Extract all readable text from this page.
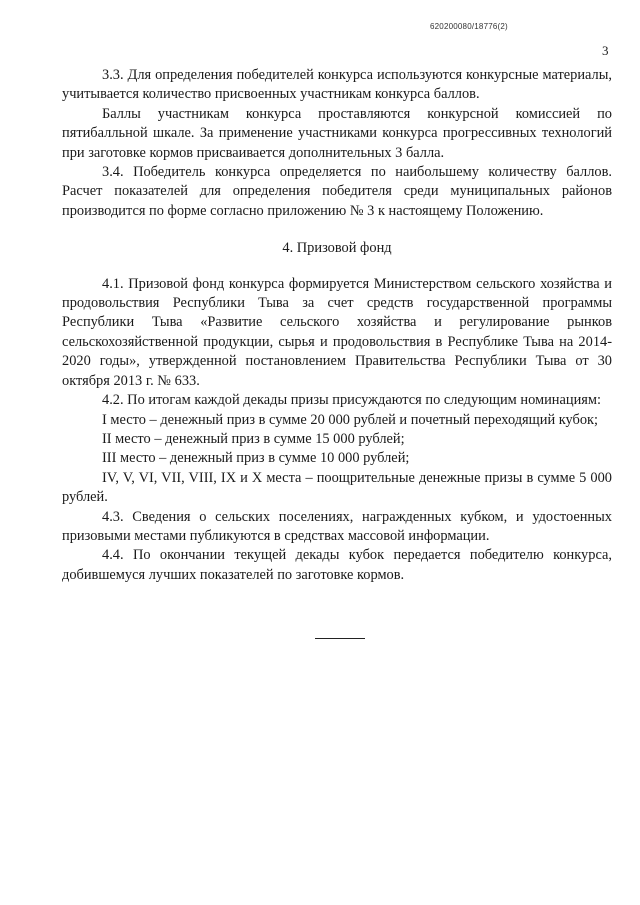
620200080/18776(2)
3

3.3. Для определения победителей конкурса используются конкурсные материалы, учитывается количество присвоенных участникам конкурса баллов.

Баллы участникам конкурса проставляются конкурсной комиссией по пятибалльной шкале. За применение участниками конкурса прогрессивных технологий при заготовке кормов присваивается дополнительных 3 балла.

3.4. Победитель конкурса определяется по наибольшему количеству баллов. Расчет показателей для определения победителя среди муниципальных районов производится по форме согласно приложению № 3 к настоящему Положению.

4. Призовой фонд

4.1. Призовой фонд конкурса формируется Министерством сельского хозяйства и продовольствия Республики Тыва за счет средств государственной программы Республики Тыва «Развитие сельского хозяйства и регулирование рынков сельскохозяйственной продукции, сырья и продовольствия в Республике Тыва на 2014-2020 годы», утвержденной постановлением Правительства Республики Тыва от 30 октября 2013 г. № 633.

4.2. По итогам каждой декады призы присуждаются по следующим номинациям:

I место – денежный приз в сумме 20 000 рублей и почетный переходящий кубок;

II место – денежный приз в сумме 15 000 рублей;

III место – денежный приз в сумме 10 000 рублей;

IV, V, VI, VII, VIII, IX и X места – поощрительные денежные призы в сумме 5 000 рублей.

4.3. Сведения о сельских поселениях, награжденных кубком, и удостоенных призовыми местами публикуются в средствах массовой информации.

4.4. По окончании текущей декады кубок передается победителю конкурса, добившемуся лучших показателей по заготовке кормов.
